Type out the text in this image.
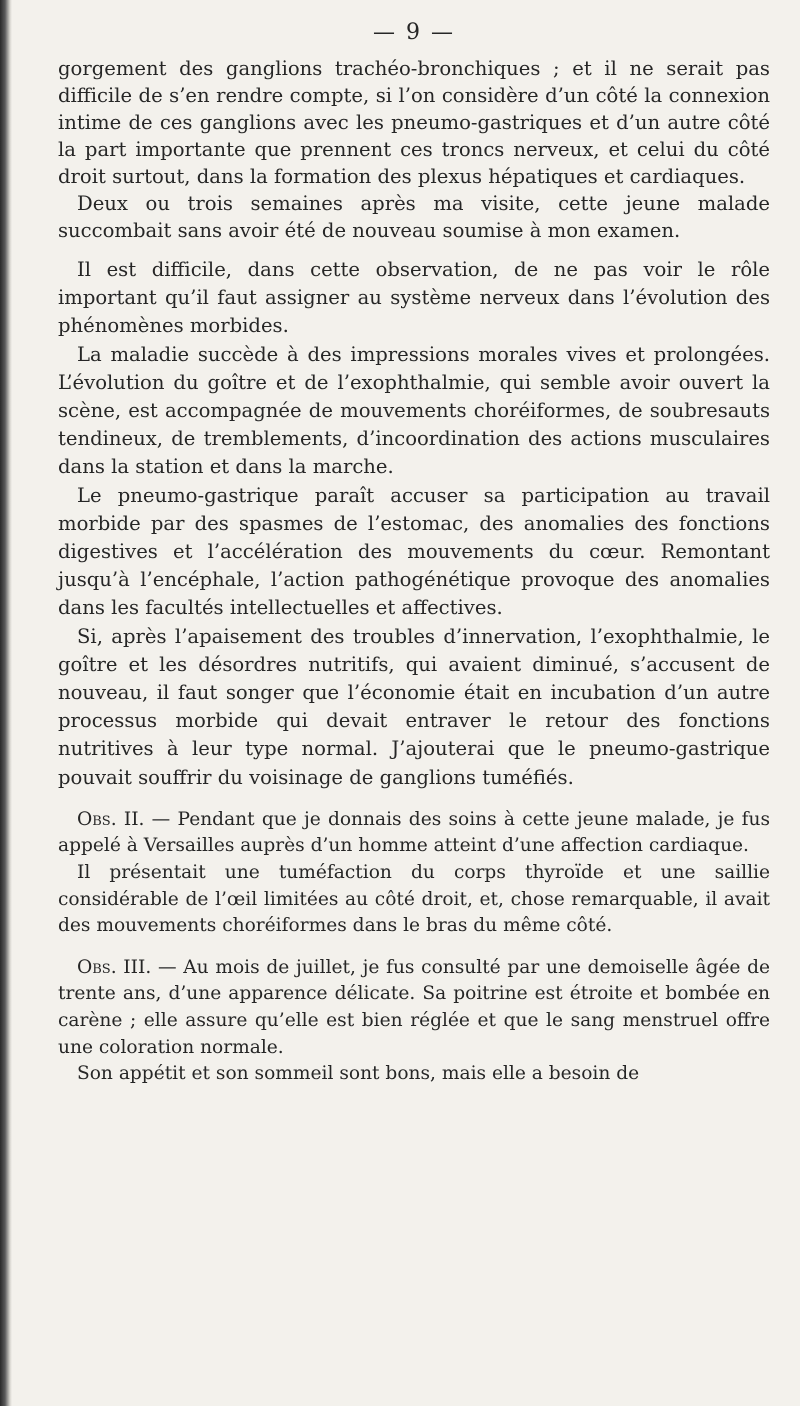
— 9 —

gorgement des ganglions trachéo-bronchiques ; et il ne serait pas difficile de s’en rendre compte, si l’on considère d’un côté la connexion intime de ces ganglions avec les pneumo-gastriques et d’un autre côté la part importante que prennent ces troncs nerveux, et celui du côté droit surtout, dans la formation des plexus hépatiques et cardiaques.

Deux ou trois semaines après ma visite, cette jeune malade succombait sans avoir été de nouveau soumise à mon examen.

Il est difficile, dans cette observation, de ne pas voir le rôle important qu’il faut assigner au système nerveux dans l’évolution des phénomènes morbides.

La maladie succède à des impressions morales vives et prolongées. L’évolution du goître et de l’exophthalmie, qui semble avoir ouvert la scène, est accompagnée de mouvements choréiformes, de soubresauts tendineux, de tremblements, d’incoordination des actions musculaires dans la station et dans la marche.

Le pneumo-gastrique paraît accuser sa participation au travail morbide par des spasmes de l’estomac, des anomalies des fonctions digestives et l’accélération des mouvements du cœur. Remontant jusqu’à l’encéphale, l’action pathogénétique provoque des anomalies dans les facultés intellectuelles et affectives.

Si, après l’apaisement des troubles d’innervation, l’exophthalmie, le goître et les désordres nutritifs, qui avaient diminué, s’accusent de nouveau, il faut songer que l’économie était en incubation d’un autre processus morbide qui devait entraver le retour des fonctions nutritives à leur type normal. J’ajouterai que le pneumo-gastrique pouvait souffrir du voisinage de ganglions tuméfiés.

Obs. II. — Pendant que je donnais des soins à cette jeune malade, je fus appelé à Versailles auprès d’un homme atteint d’une affection cardiaque.

Il présentait une tuméfaction du corps thyroïde et une saillie considérable de l’œil limitées au côté droit, et, chose remarquable, il avait des mouvements choréiformes dans le bras du même côté.

Obs. III. — Au mois de juillet, je fus consulté par une demoiselle âgée de trente ans, d’une apparence délicate. Sa poitrine est étroite et bombée en carène ; elle assure qu’elle est bien réglée et que le sang menstruel offre une coloration normale.

Son appétit et son sommeil sont bons, mais elle a besoin de
